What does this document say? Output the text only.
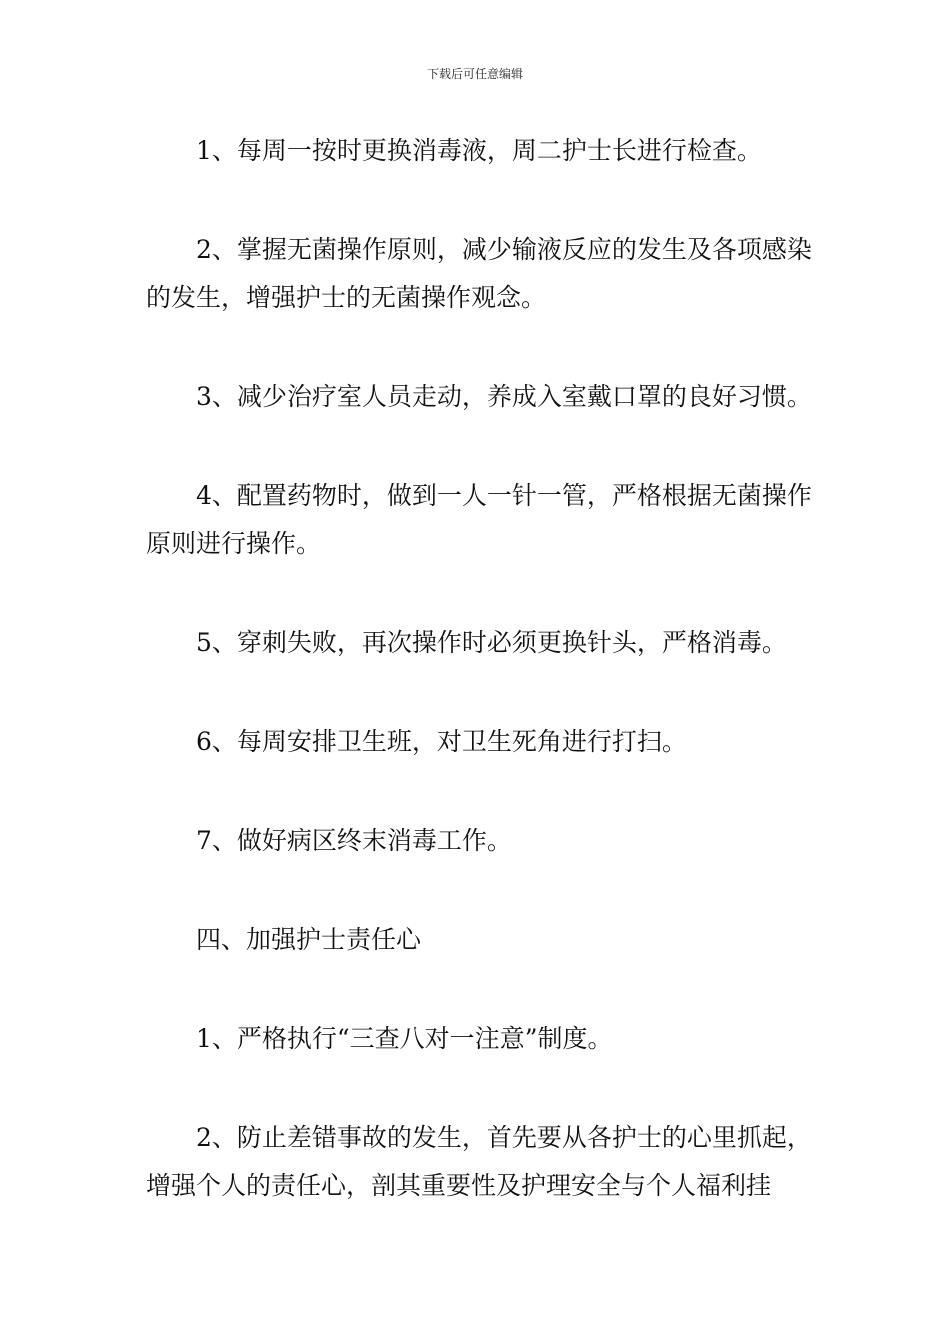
下载后可任意编辑

1、每周一按时更换消毒液，周二护士长进行检查。

2、掌握无菌操作原则，减少输液反应的发生及各项感染的发生，增强护士的无菌操作观念。

3、减少治疗室人员走动，养成入室戴口罩的良好习惯。

4、配置药物时，做到一人一针一管，严格根据无菌操作原则进行操作。

5、穿刺失败，再次操作时必须更换针头，严格消毒。

6、每周安排卫生班，对卫生死角进行打扫。

7、做好病区终末消毒工作。

四、加强护士责任心

1、严格执行“三查八对一注意”制度。

2、防止差错事故的发生，首先要从各护士的心里抓起，增强个人的责任心，剖其重要性及护理安全与个人福利挂
